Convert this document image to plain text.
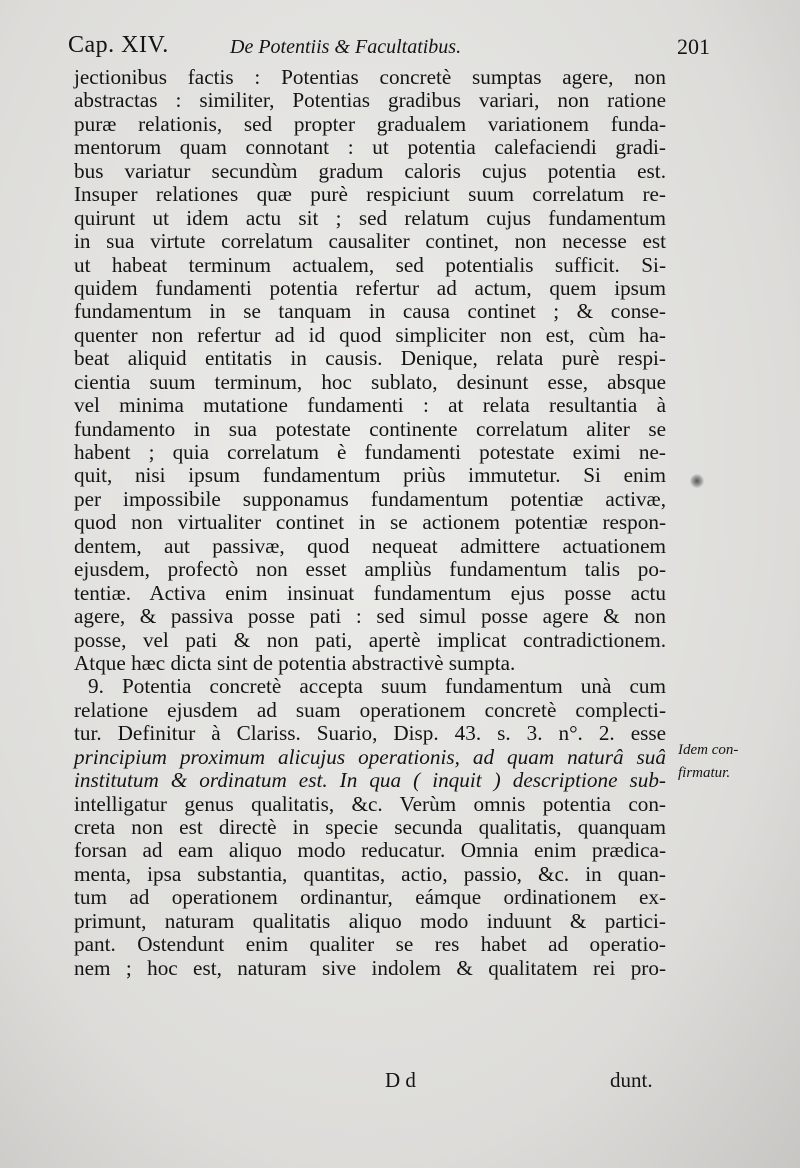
Cap. XIV.	De Potentiis & Facultatibus.	201
jectionibus factis : Potentias concretè sumptas agere, non
abstractas : similiter, Potentias gradibus variari, non ratione
puræ relationis, sed propter gradualem variationem funda-
mentorum quam connotant : ut potentia calefaciendi gradi-
bus variatur secundùm gradum caloris cujus potentia est.
Insuper relationes quæ purè respiciunt suum correlatum re-
quirunt ut idem actu sit ; sed relatum cujus fundamentum
in sua virtute correlatum causaliter continet, non necesse est
ut habeat terminum actualem, sed potentialis sufficit. Si-
quidem fundamenti potentia refertur ad actum, quem ipsum
fundamentum in se tanquam in causa continet ; & conse-
quenter non refertur ad id quod simpliciter non est, cùm ha-
beat aliquid entitatis in causis. Denique, relata purè respi-
cientia suum terminum, hoc sublato, desinunt esse, absque
vel minima mutatione fundamenti : at relata resultantia à
fundamento in sua potestate continente correlatum aliter se
habent ; quia correlatum è fundamenti potestate eximi ne-
quit, nisi ipsum fundamentum priùs immutetur. Si enim
per impossibile supponamus fundamentum potentiæ activæ,
quod non virtualiter continet in se actionem potentiæ respon-
dentem, aut passivæ, quod nequeat admittere actuationem
ejusdem, profectò non esset ampliùs fundamentum talis po-
tentiæ. Activa enim insinuat fundamentum ejus posse actu
agere, & passiva posse pati : sed simul posse agere & non
posse, vel pati & non pati, apertè implicat contradictionem.
Atque hæc dicta sint de potentia abstractivè sumpta.
9. Potentia concretè accepta suum fundamentum unà cum
relatione ejusdem ad suam operationem concretè complecti-
tur. Definitur à Clariss. Suario, Disp. 43. s. 3. n°. 2. esse
principium proximum alicujus operationis, ad quam naturâ suâ
institutum & ordinatum est. In qua ( inquit ) descriptione sub-
intelligatur genus qualitatis, &c. Verùm omnis potentia con-
creta non est directè in specie secunda qualitatis, quanquam
forsan ad eam aliquo modo reducatur. Omnia enim prædica-
menta, ipsa substantia, quantitas, actio, passio, &c. in quan-
tum ad operationem ordinantur, eámque ordinationem ex-
primunt, naturam qualitatis aliquo modo induunt & partici-
pant. Ostendunt enim qualiter se res habet ad operatio-
nem ; hoc est, naturam sive indolem & qualitatem rei pro-
Idem con-
firmatur.
D d	dunt.
